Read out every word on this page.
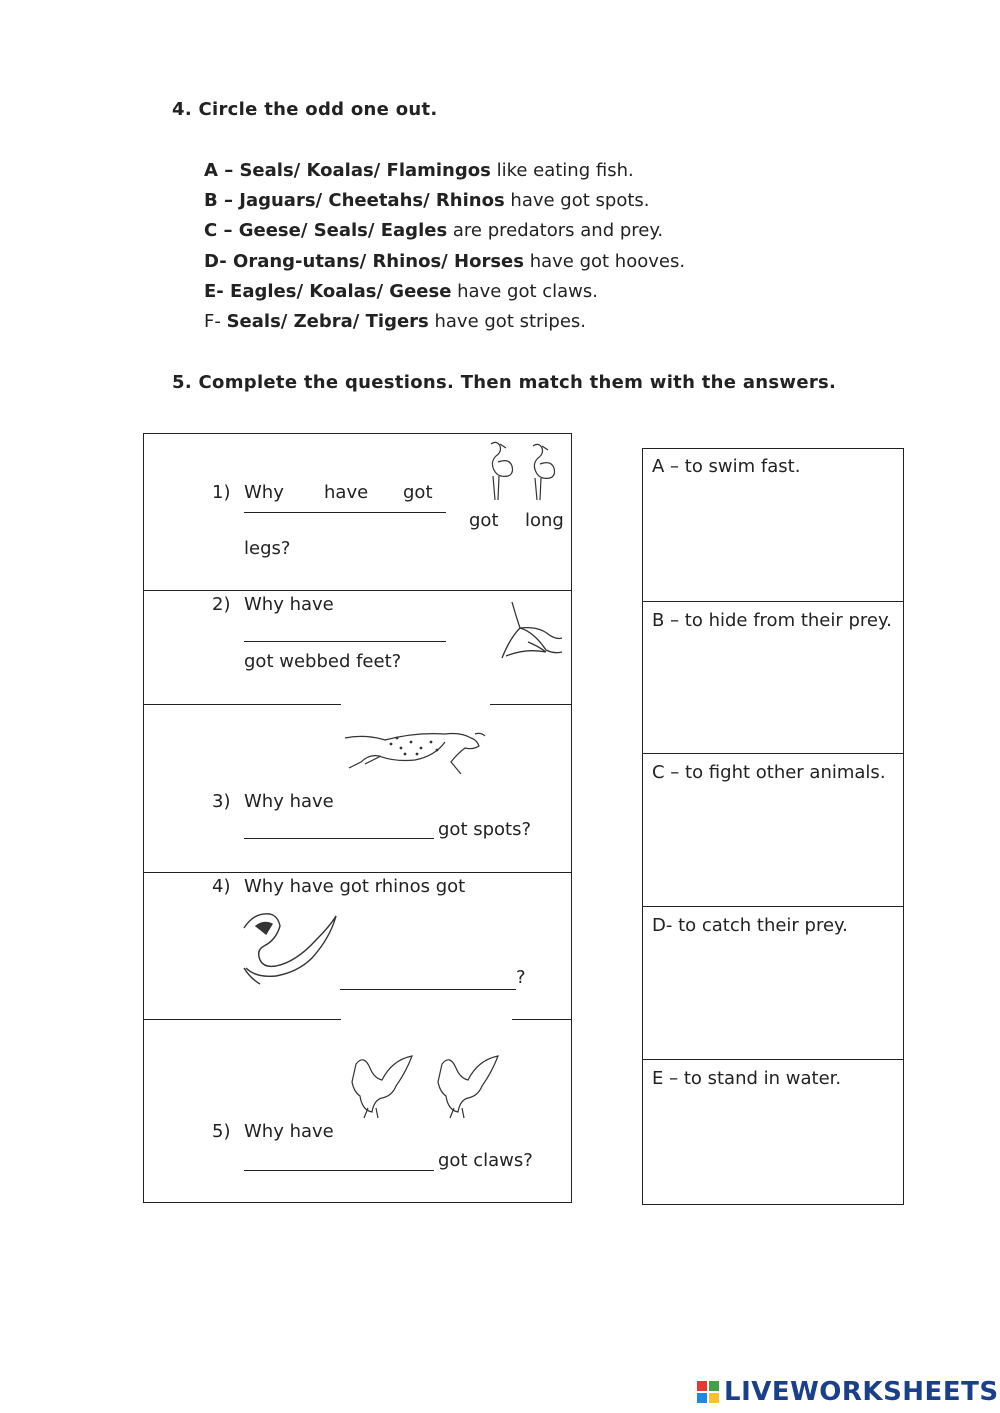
4. Circle the odd one out.
A – Seals/ Koalas/ Flamingos like eating fish.
B – Jaguars/ Cheetahs/ Rhinos have got spots.
C – Geese/ Seals/ Eagles are predators and prey.
D- Orang-utans/ Rhinos/ Horses have got hooves.
E- Eagles/ Koalas/ Geese have got claws.
F- Seals/ Zebra/ Tigers have got stripes.
5. Complete the questions. Then match them with the answers.
1) Why have got
got long
legs?
2) Why have
got webbed feet?
3) Why have
got spots?
4) Why have got rhinos got
?
5) Why have
got claws?
A – to swim fast.
B – to hide from their prey.
C – to fight other animals.
D- to catch their prey.
E – to stand in water.
LIVEWORKSHEETS
